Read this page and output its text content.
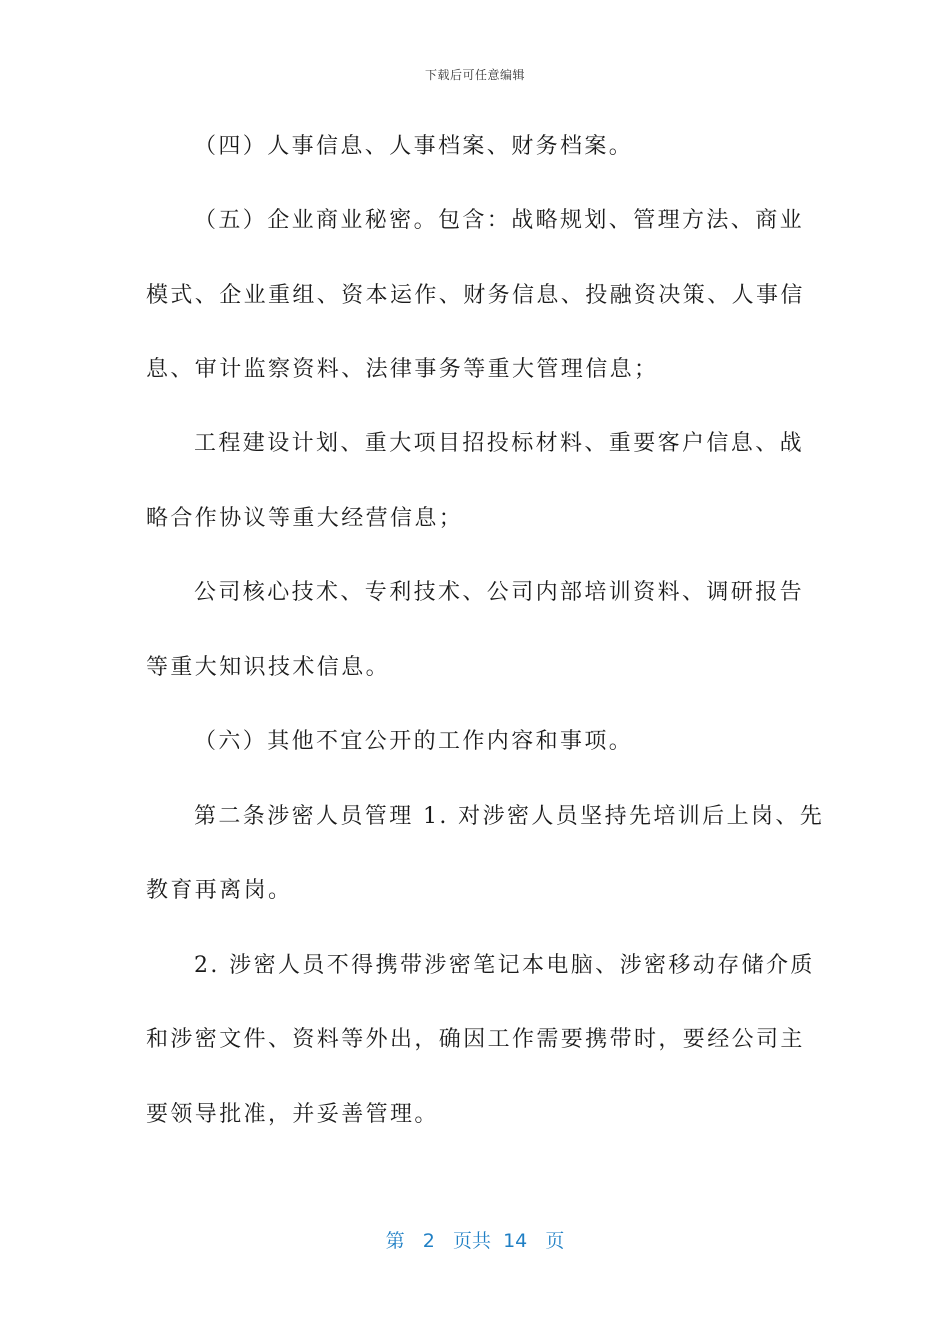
下载后可任意编辑
（四）人事信息、人事档案、财务档案。
（五）企业商业秘密。包含：战略规划、管理方法、商业
模式、企业重组、资本运作、财务信息、投融资决策、人事信
息、审计监察资料、法律事务等重大管理信息；
工程建设计划、重大项目招投标材料、重要客户信息、战
略合作协议等重大经营信息；
公司核心技术、专利技术、公司内部培训资料、调研报告
等重大知识技术信息。
（六）其他不宜公开的工作内容和事项。
第二条涉密人员管理 1. 对涉密人员坚持先培训后上岗、先
教育再离岗。
2. 涉密人员不得携带涉密笔记本电脑、涉密移动存储介质
和涉密文件、资料等外出，确因工作需要携带时，要经公司主
要领导批准，并妥善管理。
第 2 页共 14 页
